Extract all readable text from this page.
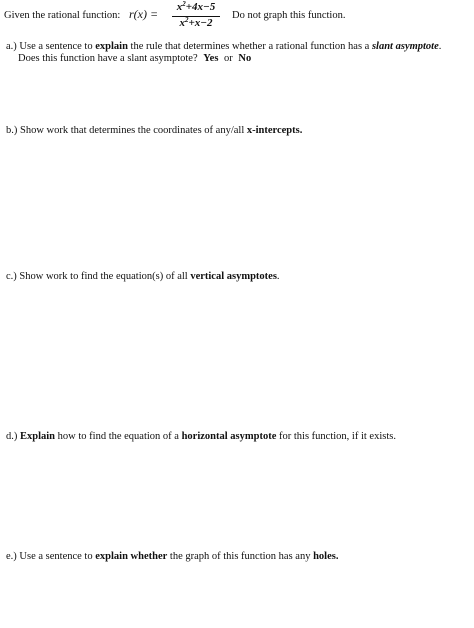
Given the rational function: r(x) =	$x^2+4x-5$
$x^2+x-2$
Do not graph this function.
a.) Use a sentence to explain the rule that determines whether a rational function has a slant asymptote.
Does this function have a slant asymptote? Yes or No
b.) Show work that determines the coordinates of any/all x-intercepts.
c.) Show work to find the equation(s) of all vertical asymptotes.
d.) Explain how to find the equation of a horizontal asymptote for this function, if it exists.
e.) Use a sentence to explain whether the graph of this function has any holes.
